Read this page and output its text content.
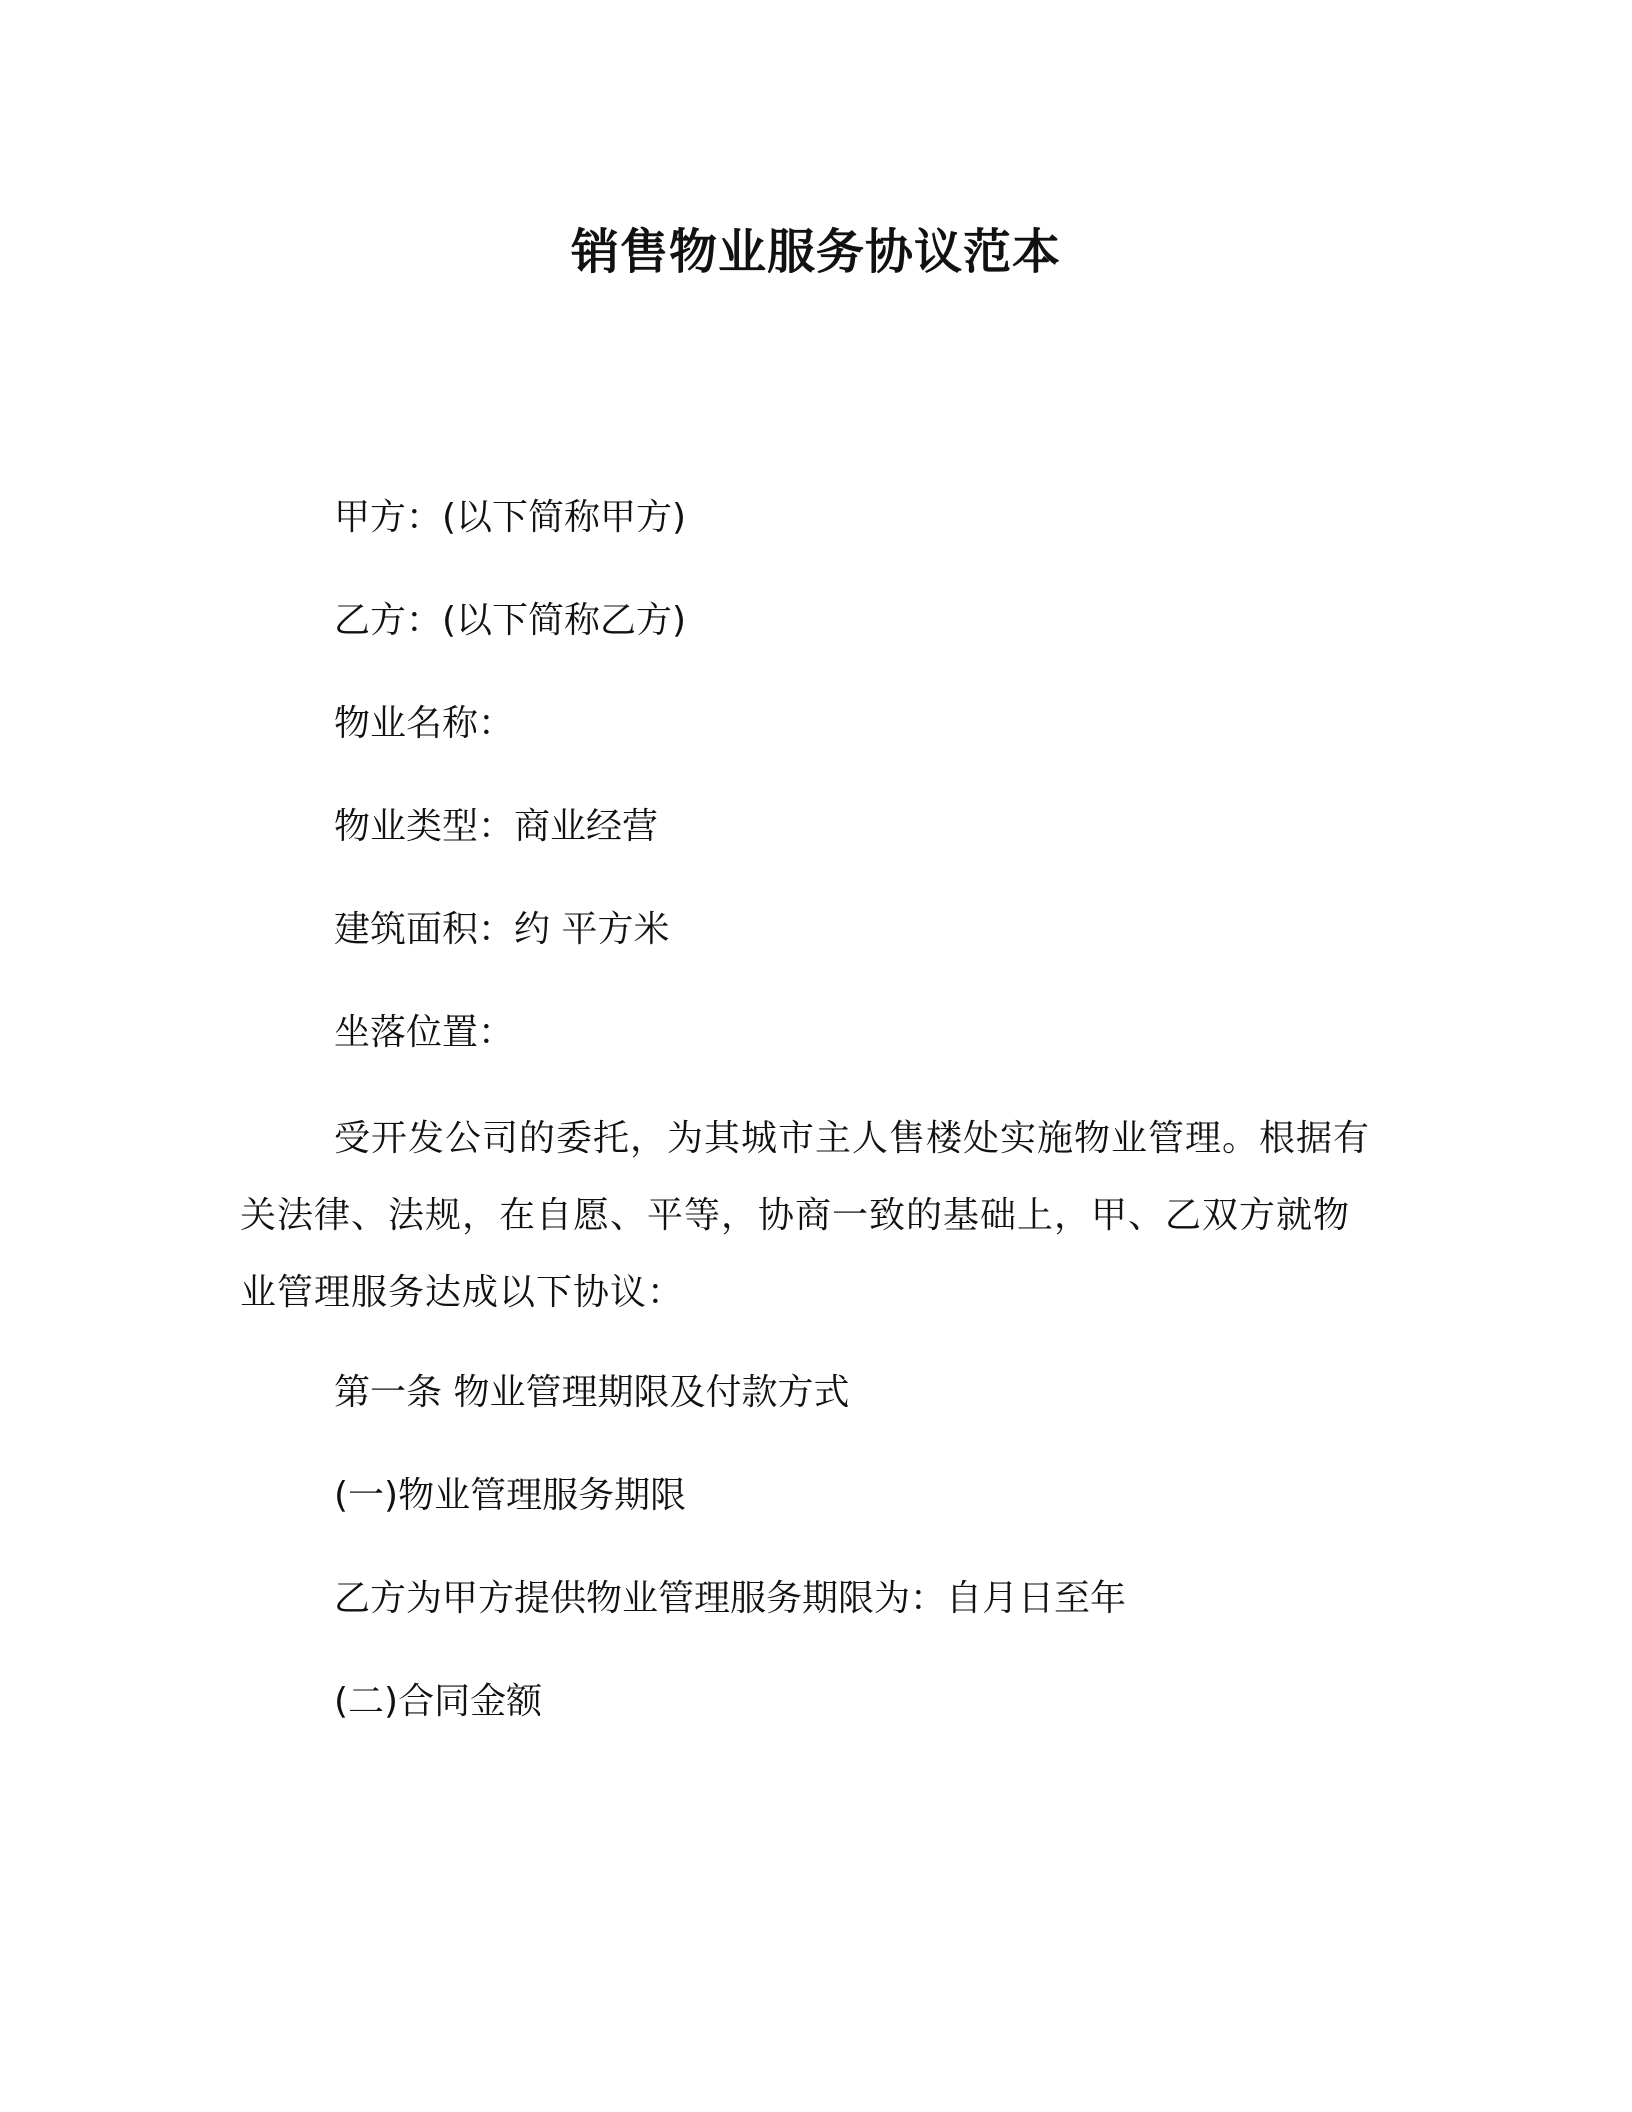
销售物业服务协议范本

甲方：(以下简称甲方)

乙方：(以下简称乙方)

物业名称：

物业类型：商业经营

建筑面积：约 平方米

坐落位置：

受开发公司的委托，为其城市主人售楼处实施物业管理。根据有关法律、法规，在自愿、平等，协商一致的基础上，甲、乙双方就物业管理服务达成以下协议：

第一条 物业管理期限及付款方式

(一)物业管理服务期限

乙方为甲方提供物业管理服务期限为：自月日至年

(二)合同金额
